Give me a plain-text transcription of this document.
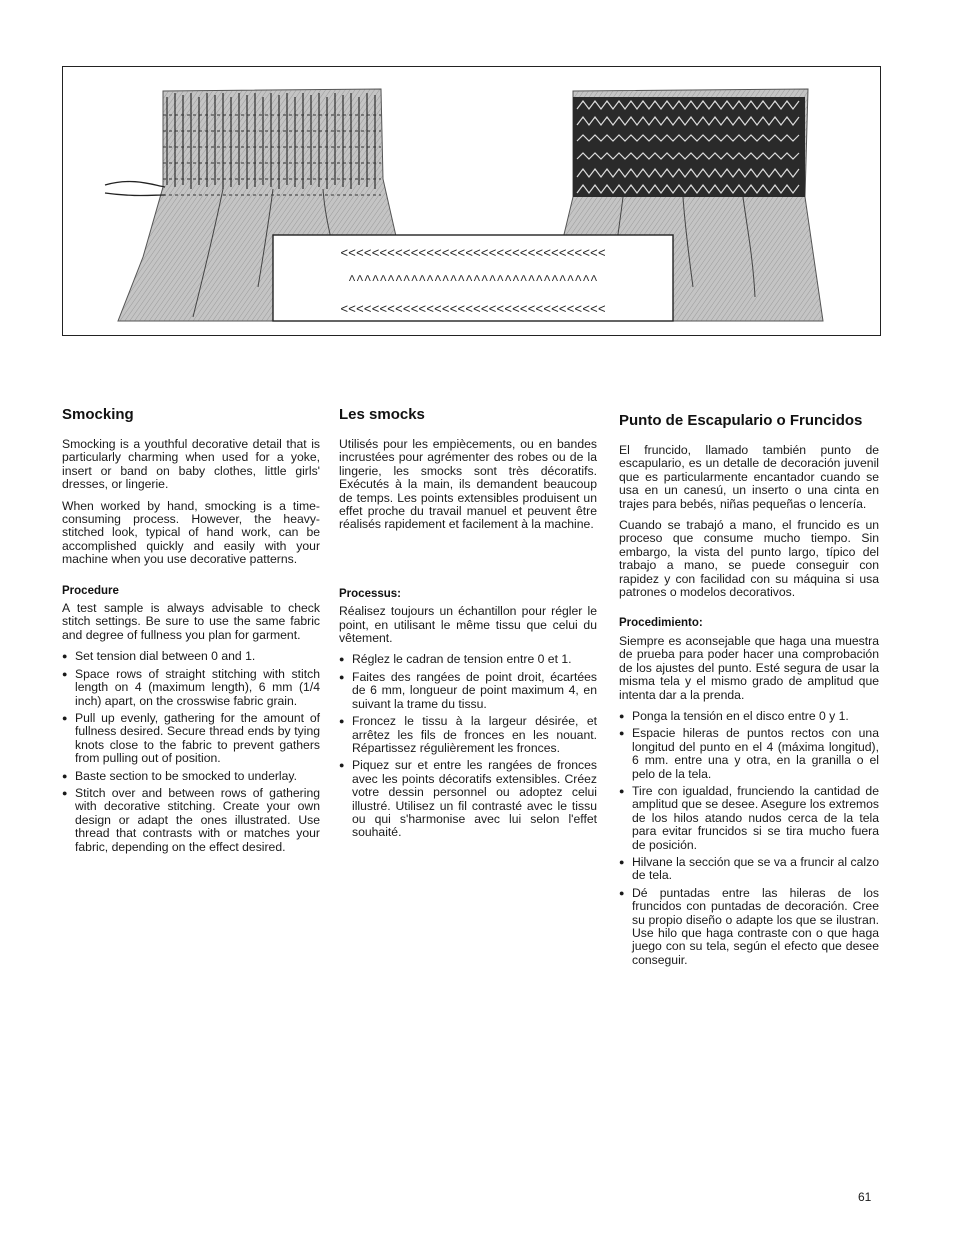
<<<<<<<<<<<<<<<<<<<<<<<<<<<<<<<<<<
^^^^^^^^^^^^^^^^^^^^^^^^^^^^^^^^
<<<<<<<<<<<<<<<<<<<<<<<<<<<<<<<<<<
Smocking

Smocking is a youthful decorative detail that is particularly charming when used for a yoke, insert or band on baby clothes, little girls' dresses, or lingerie.

When worked by hand, smocking is a time-consuming process. However, the heavy-stitched look, typical of hand work, can be accomplished quickly and easily with your machine when you use decorative patterns.

Procedure

A test sample is always advisable to check stitch settings. Be sure to use the same fabric and degree of fullness you plan for garment.

● Set tension dial between 0 and 1.
● Space rows of straight stitching with stitch length on 4 (maximum length), 6 mm (1/4 inch) apart, on the crosswise fabric grain.
● Pull up evenly, gathering for the amount of fullness desired. Secure thread ends by tying knots close to the fabric to prevent gathers from pulling out of position.
● Baste section to be smocked to underlay.
● Stitch over and between rows of gathering with decorative stitching. Create your own design or adapt the ones illustrated. Use thread that contrasts with or matches your fabric, depending on the effect desired.
Les smocks

Utilisés pour les empiècements, ou en bandes incrustées pour agrémenter des robes ou de la lingerie, les smocks sont très décoratifs. Exécutés à la main, ils demandent beaucoup de temps. Les points extensibles produisent un effet proche du travail manuel et peuvent être réalisés rapidement et facilement à la machine.

Processus:

Réalisez toujours un échantillon pour régler le point, en utilisant le même tissu que celui du vêtement.

● Réglez le cadran de tension entre 0 et 1.
● Faites des rangées de point droit, écartées de 6 mm, longueur de point maximum 4, en suivant la trame du tissu.
● Froncez le tissu à la largeur désirée, et arrêtez les fils de fronces en les nouant. Répartissez régulièrement les fronces.
● Piquez sur et entre les rangées de fronces avec les points décoratifs extensibles. Créez votre dessin personnel ou adoptez celui illustré. Utilisez un fil contrasté avec le tissu ou qui s'harmonise avec lui selon l'effet souhaité.
Punto de Escapulario o Fruncidos

El fruncido, llamado también punto de escapulario, es un detalle de decoración juvenil que es particularmente encantador cuando se usa en un canesú, un inserto o una cinta en trajes para bebés, niñas pequeñas o lencería.

Cuando se trabajó a mano, el fruncido es un proceso que consume mucho tiempo. Sin embargo, la vista del punto largo, típico del trabajo a mano, se puede conseguir con rapidez y con facilidad con su máquina si usa patrones o modelos decorativos.

Procedimiento:

Siempre es aconsejable que haga una muestra de prueba para poder hacer una comprobación de los ajustes del punto. Esté segura de usar la misma tela y el mismo grado de amplitud que intenta dar a la prenda.

● Ponga la tensión en el disco entre 0 y 1.
● Espacie hileras de puntos rectos con una longitud del punto en el 4 (máxima longitud), 6 mm. entre una y otra, en la granilla o el pelo de la tela.
● Tire con igualdad, frunciendo la cantidad de amplitud que se desee. Asegure los extremos de los hilos atando nudos cerca de la tela para evitar fruncidos si se tira mucho fuera de posición.
● Hilvane la sección que se va a fruncir al calzo de tela.
● Dé puntadas entre las hileras de los fruncidos con puntadas de decoración. Cree su propio diseño o adapte los que se ilustran. Use hilo que haga contraste con o que haga juego con su tela, según el efecto que desee conseguir.
61
